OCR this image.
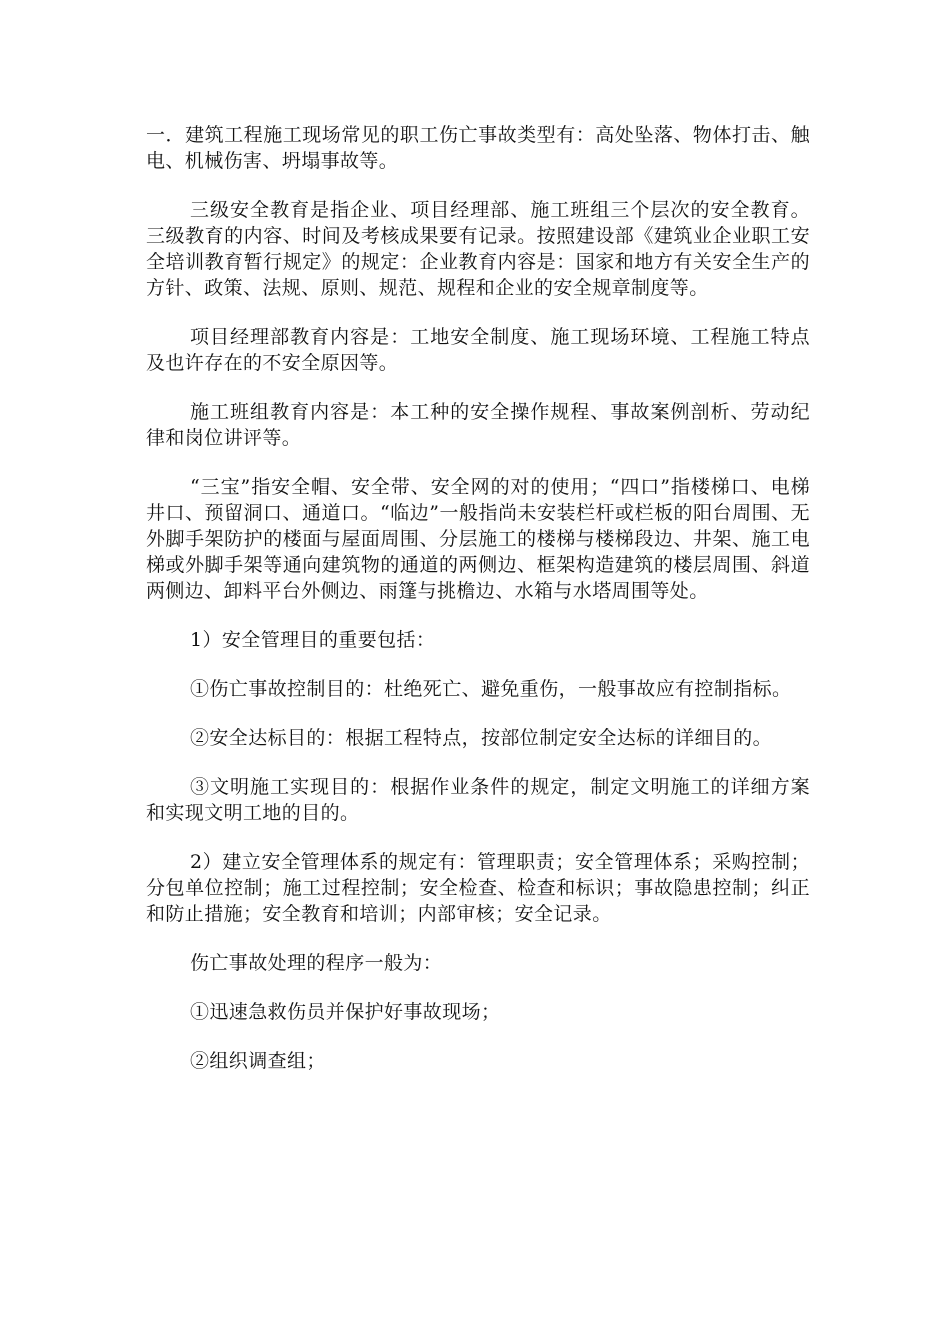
一．建筑工程施工现场常见的职工伤亡事故类型有：高处坠落、物体打击、触电、机械伤害、坍塌事故等。

三级安全教育是指企业、项目经理部、施工班组三个层次的安全教育。三级教育的内容、时间及考核成果要有记录。按照建设部《建筑业企业职工安全培训教育暂行规定》的规定：企业教育内容是：国家和地方有关安全生产的方针、政策、法规、原则、规范、规程和企业的安全规章制度等。

项目经理部教育内容是：工地安全制度、施工现场环境、工程施工特点及也许存在的不安全原因等。

施工班组教育内容是：本工种的安全操作规程、事故案例剖析、劳动纪律和岗位讲评等。

“三宝”指安全帽、安全带、安全网的对的使用；“四口”指楼梯口、电梯井口、预留洞口、通道口。“临边”一般指尚未安装栏杆或栏板的阳台周围、无外脚手架防护的楼面与屋面周围、分层施工的楼梯与楼梯段边、井架、施工电梯或外脚手架等通向建筑物的通道的两侧边、框架构造建筑的楼层周围、斜道两侧边、卸料平台外侧边、雨篷与挑檐边、水箱与水塔周围等处。

1）安全管理目的重要包括：

①伤亡事故控制目的：杜绝死亡、避免重伤，一般事故应有控制指标。

②安全达标目的：根据工程特点，按部位制定安全达标的详细目的。

③文明施工实现目的：根据作业条件的规定，制定文明施工的详细方案和实现文明工地的目的。

2）建立安全管理体系的规定有：管理职责；安全管理体系；采购控制；分包单位控制；施工过程控制；安全检查、检查和标识；事故隐患控制；纠正和防止措施；安全教育和培训；内部审核；安全记录。

伤亡事故处理的程序一般为：

①迅速急救伤员并保护好事故现场；

②组织调查组；
